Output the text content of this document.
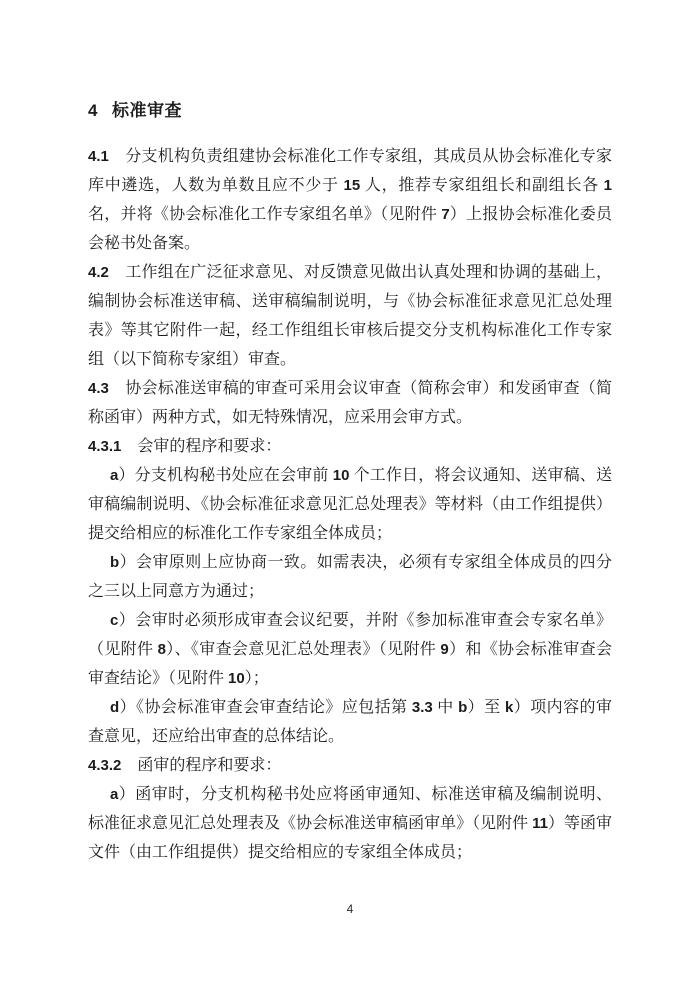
4 标准审查

4.1　分支机构负责组建协会标准化工作专家组，其成员从协会标准化专家库中遴选，人数为单数且应不少于 15 人，推荐专家组组长和副组长各 1 名，并将《协会标准化工作专家组名单》（见附件 7）上报协会标准化委员会秘书处备案。

4.2　工作组在广泛征求意见、对反馈意见做出认真处理和协调的基础上，编制协会标准送审稿、送审稿编制说明，与《协会标准征求意见汇总处理表》等其它附件一起，经工作组组长审核后提交分支机构标准化工作专家组（以下简称专家组）审查。

4.3　协会标准送审稿的审查可采用会议审查（简称会审）和发函审查（简称函审）两种方式，如无特殊情况，应采用会审方式。

4.3.1　会审的程序和要求：

a）分支机构秘书处应在会审前 10 个工作日，将会议通知、送审稿、送审稿编制说明、《协会标准征求意见汇总处理表》等材料（由工作组提供）提交给相应的标准化工作专家组全体成员；

b）会审原则上应协商一致。如需表决，必须有专家组全体成员的四分之三以上同意方为通过；

c）会审时必须形成审查会议纪要，并附《参加标准审查会专家名单》（见附件 8）、《审查会意见汇总处理表》（见附件 9）和《协会标准审查会审查结论》（见附件 10）；

d）《协会标准审查会审查结论》应包括第 3.3 中 b）至 k）项内容的审查意见，还应给出审查的总体结论。

4.3.2　函审的程序和要求：

a）函审时，分支机构秘书处应将函审通知、标准送审稿及编制说明、标准征求意见汇总处理表及《协会标准送审稿函审单》（见附件 11）等函审文件（由工作组提供）提交给相应的专家组全体成员；

4
